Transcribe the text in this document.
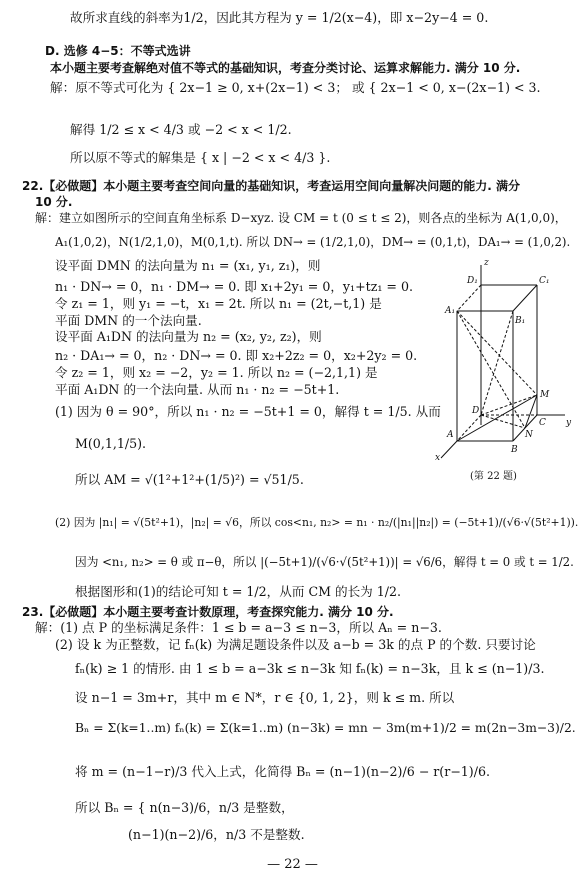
故所求直线的斜率为1/2，因此其方程为 y = 1/2(x−4)，即 x−2y−4 = 0.
D. 选修 4−5：不等式选讲
本小题主要考查解绝对值不等式的基础知识，考查分类讨论、运算求解能力. 满分 10 分.
解：原不等式可化为 { 2x−1 ≥ 0, x+(2x−1) < 3； 或 { 2x−1 < 0, x−(2x−1) < 3.
解得 1/2 ≤ x < 4/3 或 −2 < x < 1/2.
所以原不等式的解集是 { x | −2 < x < 4/3 }.
22.【必做题】本小题主要考查空间向量的基础知识，考查运用空间向量解决问题的能力. 满分
10 分.
解：建立如图所示的空间直角坐标系 D−xyz. 设 CM = t (0 ≤ t ≤ 2)，则各点的坐标为 A(1,0,0)，
A₁(1,0,2)，N(1/2,1,0)，M(0,1,t). 所以 DN→ = (1/2,1,0)，DM→ = (0,1,t)，DA₁→ = (1,0,2).
设平面 DMN 的法向量为 n₁ = (x₁, y₁, z₁)，则
n₁ · DN→ = 0，n₁ · DM→ = 0. 即 x₁+2y₁ = 0，y₁+tz₁ = 0.
令 z₁ = 1，则 y₁ = −t，x₁ = 2t. 所以 n₁ = (2t,−t,1) 是
平面 DMN 的一个法向量.
设平面 A₁DN 的法向量为 n₂ = (x₂, y₂, z₂)，则
n₂ · DA₁→ = 0，n₂ · DN→ = 0. 即 x₂+2z₂ = 0，x₂+2y₂ = 0.
令 z₂ = 1，则 x₂ = −2，y₂ = 1. 所以 n₂ = (−2,1,1) 是
平面 A₁DN 的一个法向量. 从而 n₁ · n₂ = −5t+1.
(1) 因为 θ = 90°，所以 n₁ · n₂ = −5t+1 = 0，解得 t = 1/5. 从而
M(0,1,1/5).
所以 AM = √(1²+1²+(1/5)²) = √51/5.
(2) 因为 |n₁| = √(5t²+1)，|n₂| = √6，所以 cos<n₁, n₂> = n₁ · n₂/(|n₁||n₂|) = (−5t+1)/(√6·√(5t²+1)).
因为 <n₁, n₂> = θ 或 π−θ，所以 |(−5t+1)/(√6·√(5t²+1))| = √6/6，解得 t = 0 或 t = 1/2.
根据图形和(1)的结论可知 t = 1/2，从而 CM 的长为 1/2.
23.【必做题】本小题主要考查计数原理，考查探究能力. 满分 10 分.
解：(1) 点 P 的坐标满足条件：1 ≤ b = a−3 ≤ n−3，所以 Aₙ = n−3.
(2) 设 k 为正整数，记 fₙ(k) 为满足题设条件以及 a−b = 3k 的点 P 的个数. 只要讨论
fₙ(k) ≥ 1 的情形. 由 1 ≤ b = a−3k ≤ n−3k 知 fₙ(k) = n−3k，且 k ≤ (n−1)/3.
设 n−1 = 3m+r，其中 m ∈ N*，r ∈ {0, 1, 2}，则 k ≤ m. 所以
Bₙ = Σ(k=1..m) fₙ(k) = Σ(k=1..m) (n−3k) = mn − 3m(m+1)/2 = m(2n−3m−3)/2.
将 m = (n−1−r)/3 代入上式，化简得 Bₙ = (n−1)(n−2)/6 − r(r−1)/6.
所以 Bₙ = { n(n−3)/6，n/3 是整数，
(n−1)(n−2)/6，n/3 不是整数.
z
D₁	C₁
A₁
B₁
M
D
A
B
C
N
x
y
(第 22 题)
— 22 —
